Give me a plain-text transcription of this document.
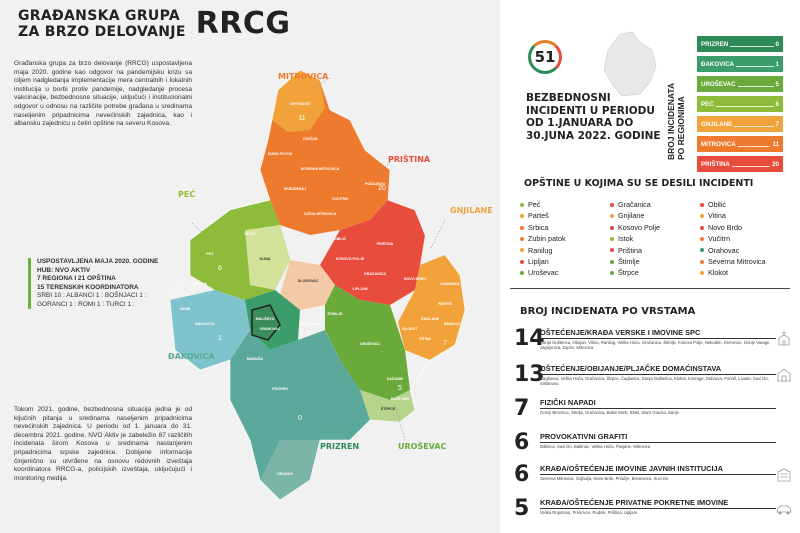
GRAĐANSKA GRUPA
ZA BRZO DELOVANJE RRCG
Građanska grupa za brzo delovanje (RRCG) uspostavljena maja 2020. godine kao odgovor na pandemijsku krizu sa ciljem nadgledanja implementacije mera centralnih i lokalnih institucija u borbi protiv pandemije, nadgledanje procesa vakcinacije, bezbednosne situacije, uključući i institucionalni odgovor u odnosu na različite potrebe građana u sredinama naseljenim pripadnicima nevećinskih zajednica, kao i albansku zajednicu u četiri opštine na severu Kosova.
USPOSTAVLJENA MAJA 2020. GODINE
HUB: NVO AKTIV
7 REGIONA I 21 OPŠTINA
15 TERENSKIH KOORDINATORA
SRBI 10 : ALBANCI 1 : BOŠNJACI 1 :
GORANCI 1 : ROMI 1 : TURCI 1 :
Tokom 2021. godine, bezbednosna situacija jedna je od ključnih pitanja u sredinama naseljenim pripadnicima nevećinskih zajednica. U periodu od 1. januara do 31. decembra 2021. godine, NVO Aktiv je zabeležio 87 različitih incidenata širom Kosova u sredinama nastanjenim pripadnicima srpske zajednice. Dobijene informacije činjenično su utvrđene na osnovu redovnih izveštaja koordinatora RRCG-a, policijskih izveštaja, uključujući i monitoring medija.
LEPOSAVIĆ
ZUBIN POTOK
ZVEČAN
SEVERNA MITROVICA
SKENDERAJ
VUČITRN
JUŽNA MITROVICA
PODUJEVO
ISTOK
KLINA
GLOGOVAC
OBILIĆ
PRIŠTINA
NOVO BRDO
KOSOVO POLJE
GRAČANICA
LIPLJAN
GNJILANE
KAMENICA
PEĆ
DEČANI
ĐAKOVICA
MALIŠEVO
ORAHOVAC
SUVA REKA
ŠTIMLJE
UROŠEVAC
ŠTRPCE
KAČANIK
DRAGAŠ
PRIZREN
VITINA
KLOKOT
PARTEŠ
RANILUG
JUNIK
ELEZ HAN
MAMUŠA
11
20
7
1
6
0
5
MITROVICA
PRIŠTINA
PEĆ
GNJILANE
ĐAKOVICA
PRIZREN	UROŠEVAC
51
BEZBEDNOSNI INCIDENTI U PERIODU OD 1.JANUARA DO 30.JUNA 2022. GODINE BROJ INCIDENATA PO REGIONIMA
PRIZREN	0
ĐAKOVICA	1
UROŠEVAC	5
PEĆ	6
GNJILANE	7
MITROVICA	11
PRIŠTINA	20
OPŠTINE U KOJIMA SU SE DESILI INCIDENTI
Peć
Parteš
Srbica
Zubin patok
Ranilug
Lipljan
Uroševac
Gračanica
Gnjilane
Kosovo Polje
Istok
Priština
Štimlje
Štrpce
Obilić
Vitina
Novo Brdo
Vučitrn
Orahovac
Severna Mitrovica
Klokot
BROJ INCIDENATA PO VRSTAMA
14
OŠTEĆENJE/KRAĐA VERSKE I IMOVINE SPC
Donja Gušterica, Obojan, Vitina, Ranilug, Velika Hoča, Gračanica, Štimlje, Kosovo Polje, Nekodim, Drenovac, Donje Varage, Jagnjenica, Zupče, Mitrovica
13
OŠTEĆENJE/OBIJANJE/PLJAČKE DOMAĆINSTAVA
Čaglavica, Velika Hoča, Gračanica, Štrpce, Čaglavica, Donja Gušterica, Klokot, Kovrage, Dubrava, Ponoš, Livade, Suvi Do, Sinlanovo
7	FIZIČKI NAPADI
Gornji Breznica, Strelja, Gračanica, Babin Most, Ebikl, Staro Gracko, Banje
6	PROVOKATIVNI GRAFITI
Bibinica, Suvi Do, Babinac, Velika Hoča, Pasjane, Mitrovica
6	KRAĐA/OŠTEĆENJE IMOVINE JAVNIH INSTITUCIJA
Severna Mitrovica, Gojbulja, Novo Brdo, Prilužje, Brestovica, Suvi Do
5	KRAĐA/OŠTEĆENJE PRIVATNE POKRETNE IMOVINE
Velika Ropotovo, Prekovce, Rudnik, Priština, Ugljare
